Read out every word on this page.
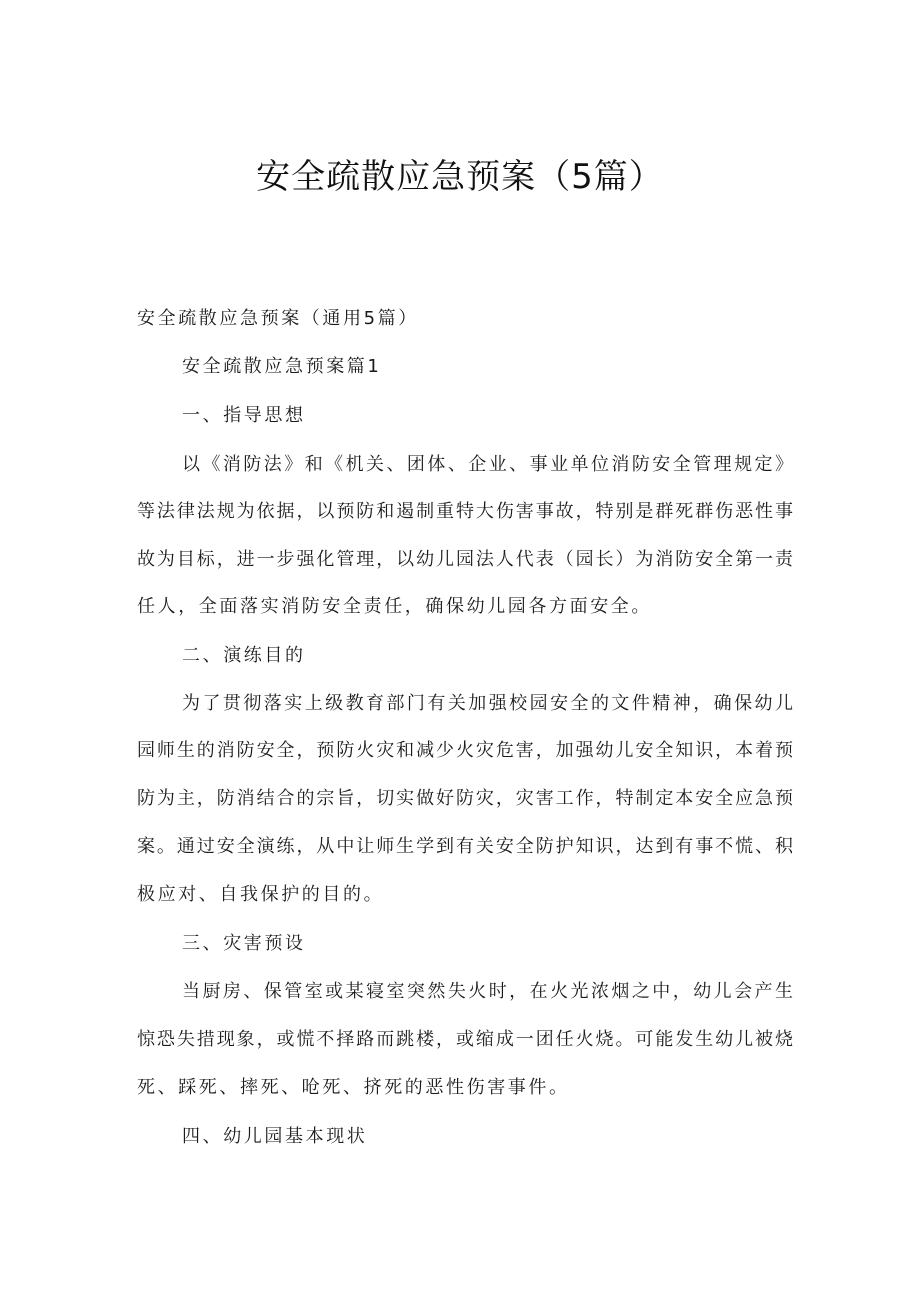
安全疏散应急预案（5篇）
安全疏散应急预案（通用5篇）
安全疏散应急预案篇1
一、指导思想
以《消防法》和《机关、团体、企业、事业单位消防安全管理规定》
等法律法规为依据，以预防和遏制重特大伤害事故，特别是群死群伤恶性事
故为目标，进一步强化管理，以幼儿园法人代表（园长）为消防安全第一责
任人，全面落实消防安全责任，确保幼儿园各方面安全。
二、演练目的
为了贯彻落实上级教育部门有关加强校园安全的文件精神，确保幼儿
园师生的消防安全，预防火灾和减少火灾危害，加强幼儿安全知识，本着预
防为主，防消结合的宗旨，切实做好防灾，灾害工作，特制定本安全应急预
案。通过安全演练，从中让师生学到有关安全防护知识，达到有事不慌、积
极应对、自我保护的目的。
三、灾害预设
当厨房、保管室或某寝室突然失火时，在火光浓烟之中，幼儿会产生
惊恐失措现象，或慌不择路而跳楼，或缩成一团任火烧。可能发生幼儿被烧
死、踩死、摔死、呛死、挤死的恶性伤害事件。
四、幼儿园基本现状
